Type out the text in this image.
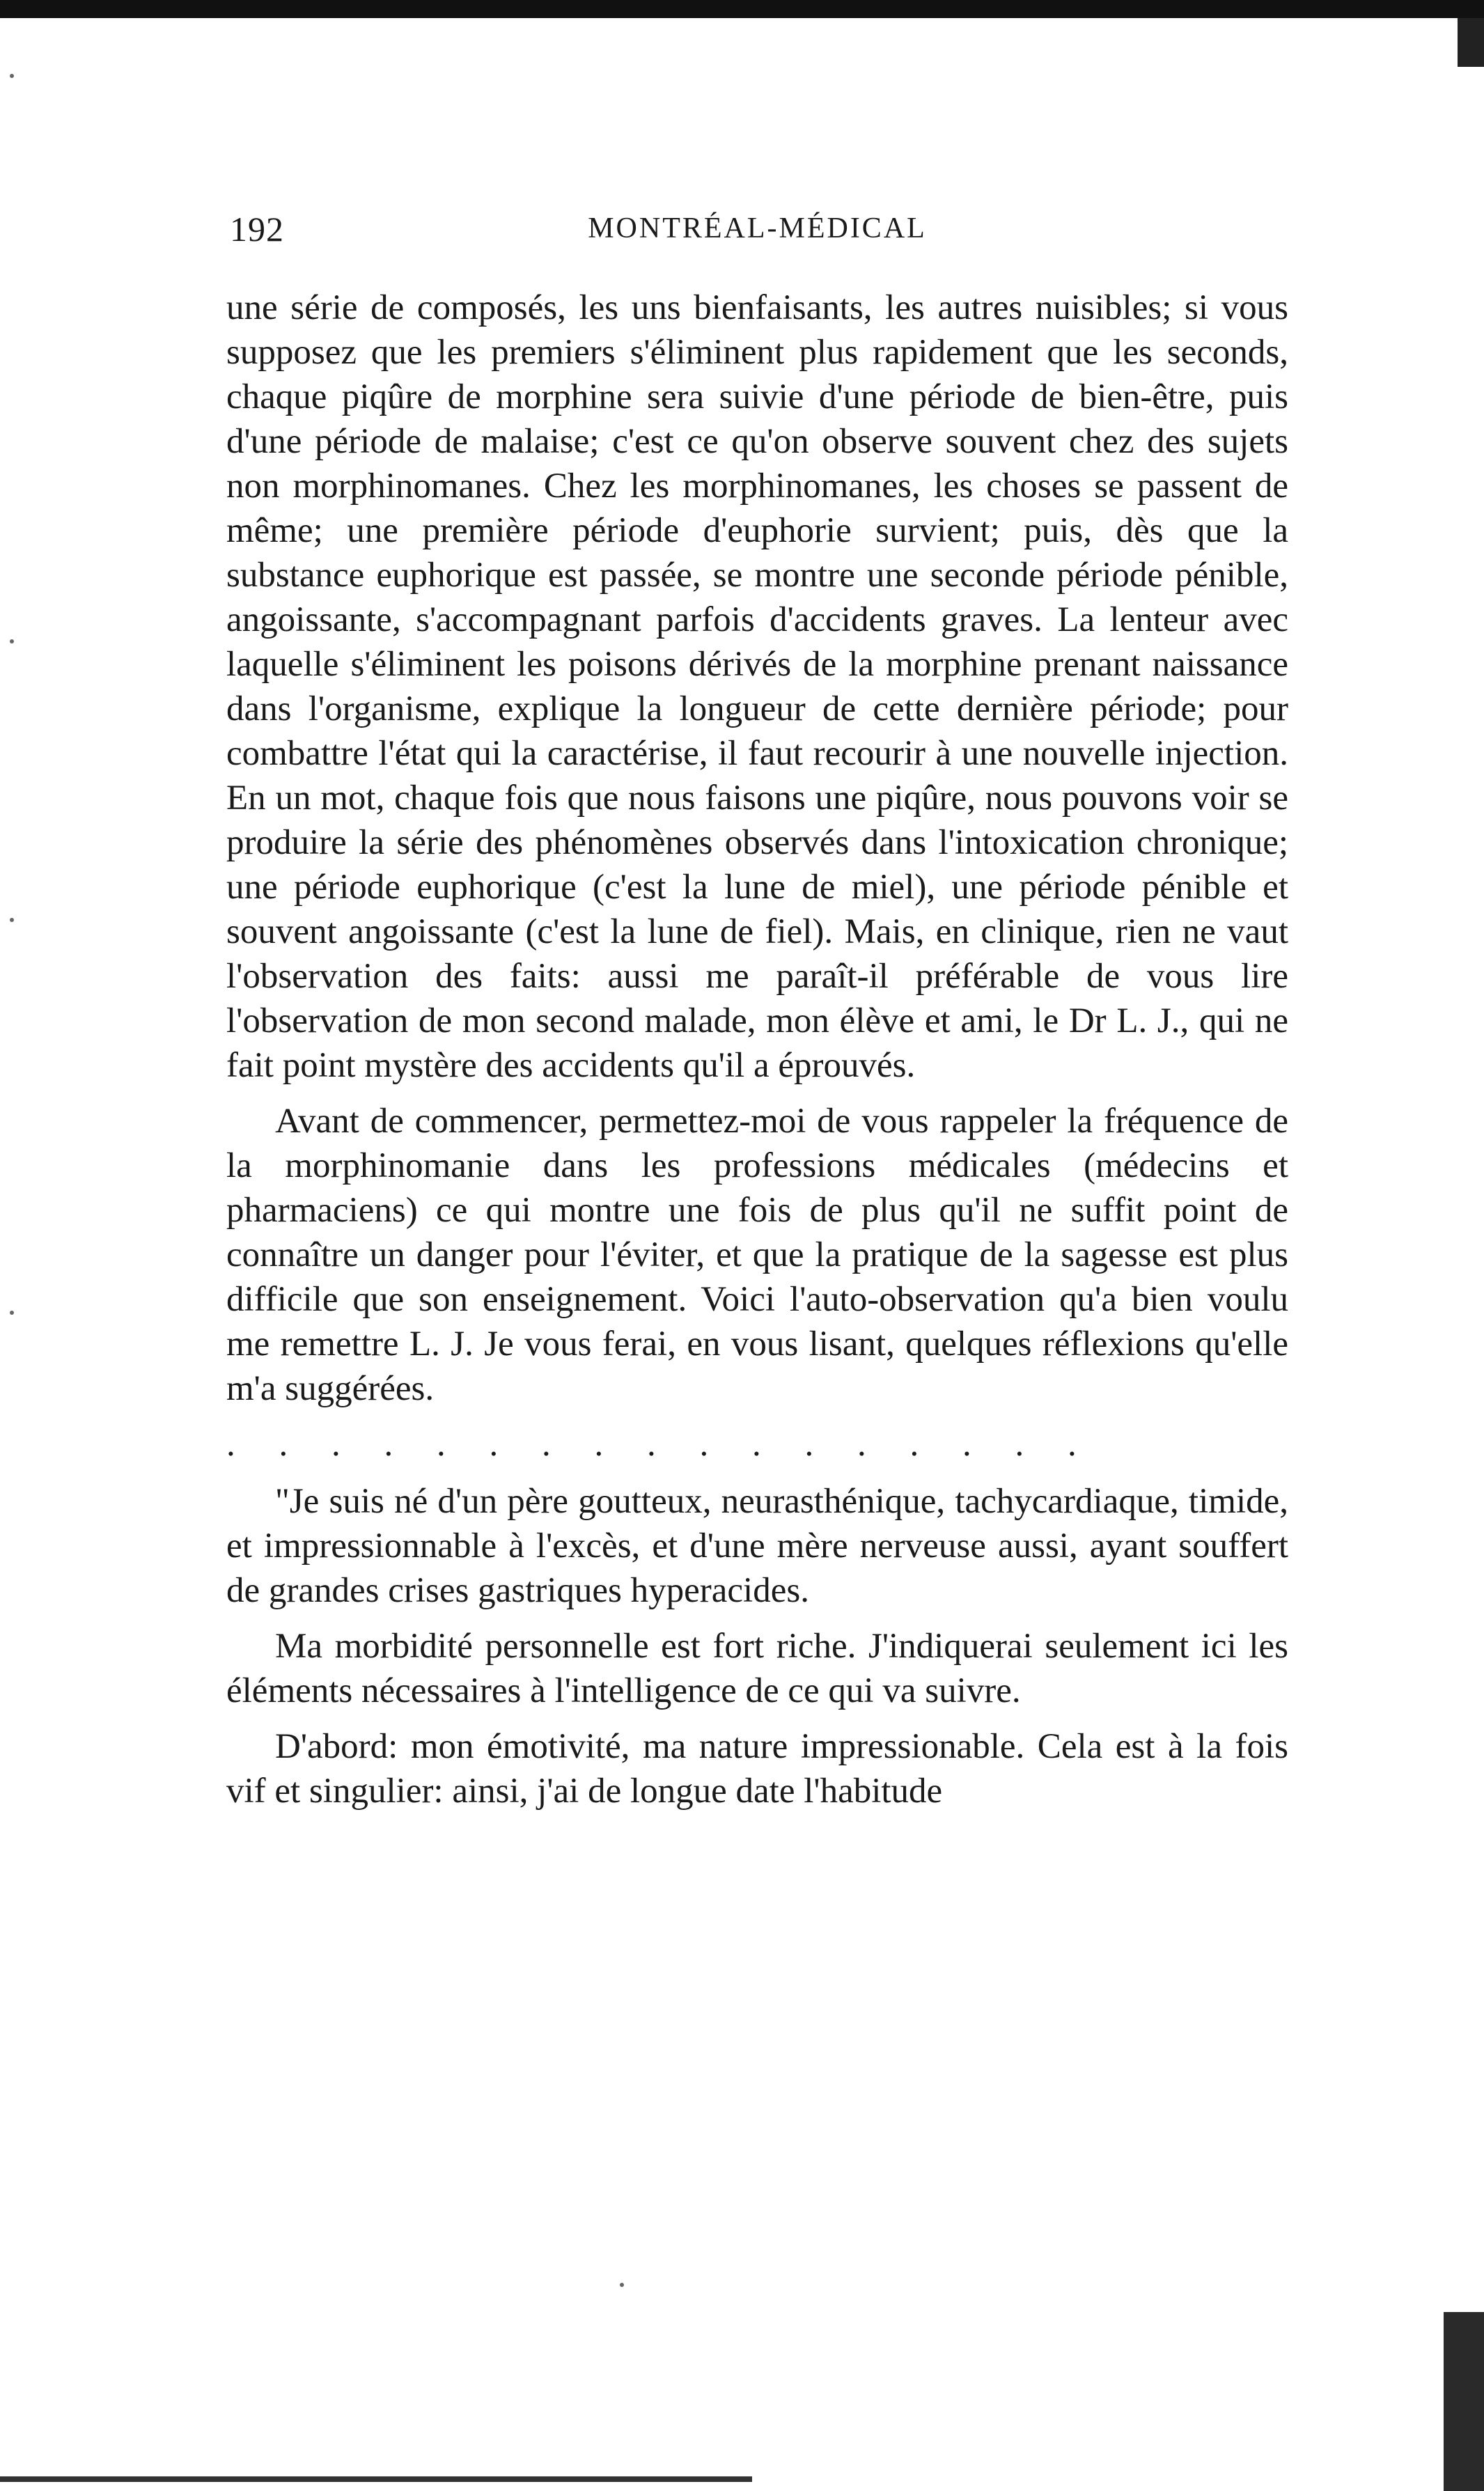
192	MONTRÉAL-MÉDICAL

une série de composés, les uns bienfaisants, les autres nuisibles; si vous supposez que les premiers s'éliminent plus rapidement que les seconds, chaque piqûre de morphine sera suivie d'une période de bien-être, puis d'une période de malaise; c'est ce qu'on observe souvent chez des sujets non morphinomanes. Chez les morphinomanes, les choses se passent de même; une première période d'euphorie survient; puis, dès que la substance euphorique est passée, se montre une seconde période pénible, angoissante, s'accompagnant parfois d'accidents graves. La lenteur avec laquelle s'éliminent les poisons dérivés de la morphine prenant naissance dans l'organisme, explique la longueur de cette dernière période; pour combattre l'état qui la caractérise, il faut recourir à une nouvelle injection. En un mot, chaque fois que nous faisons une piqûre, nous pouvons voir se produire la série des phénomènes observés dans l'intoxication chronique; une période euphorique (c'est la lune de miel), une période pénible et souvent angoissante (c'est la lune de fiel). Mais, en clinique, rien ne vaut l'observation des faits: aussi me paraît-il préférable de vous lire l'observation de mon second malade, mon élève et ami, le Dr L. J., qui ne fait point mystère des accidents qu'il a éprouvés.

Avant de commencer, permettez-moi de vous rappeler la fréquence de la morphinomanie dans les professions médicales (médecins et pharmaciens) ce qui montre une fois de plus qu'il ne suffit point de connaître un danger pour l'éviter, et que la pratique de la sagesse est plus difficile que son enseignement. Voici l'auto-observation qu'a bien voulu me remettre L. J. Je vous ferai, en vous lisant, quelques réflexions qu'elle m'a suggérées.

. . . . . . . . . . . . . . . . .

"Je suis né d'un père goutteux, neurasthénique, tachycardiaque, timide, et impressionnable à l'excès, et d'une mère nerveuse aussi, ayant souffert de grandes crises gastriques hyperacides.

Ma morbidité personnelle est fort riche. J'indiquerai seulement ici les éléments nécessaires à l'intelligence de ce qui va suivre.

D'abord: mon émotivité, ma nature impressionable. Cela est à la fois vif et singulier: ainsi, j'ai de longue date l'habitude
